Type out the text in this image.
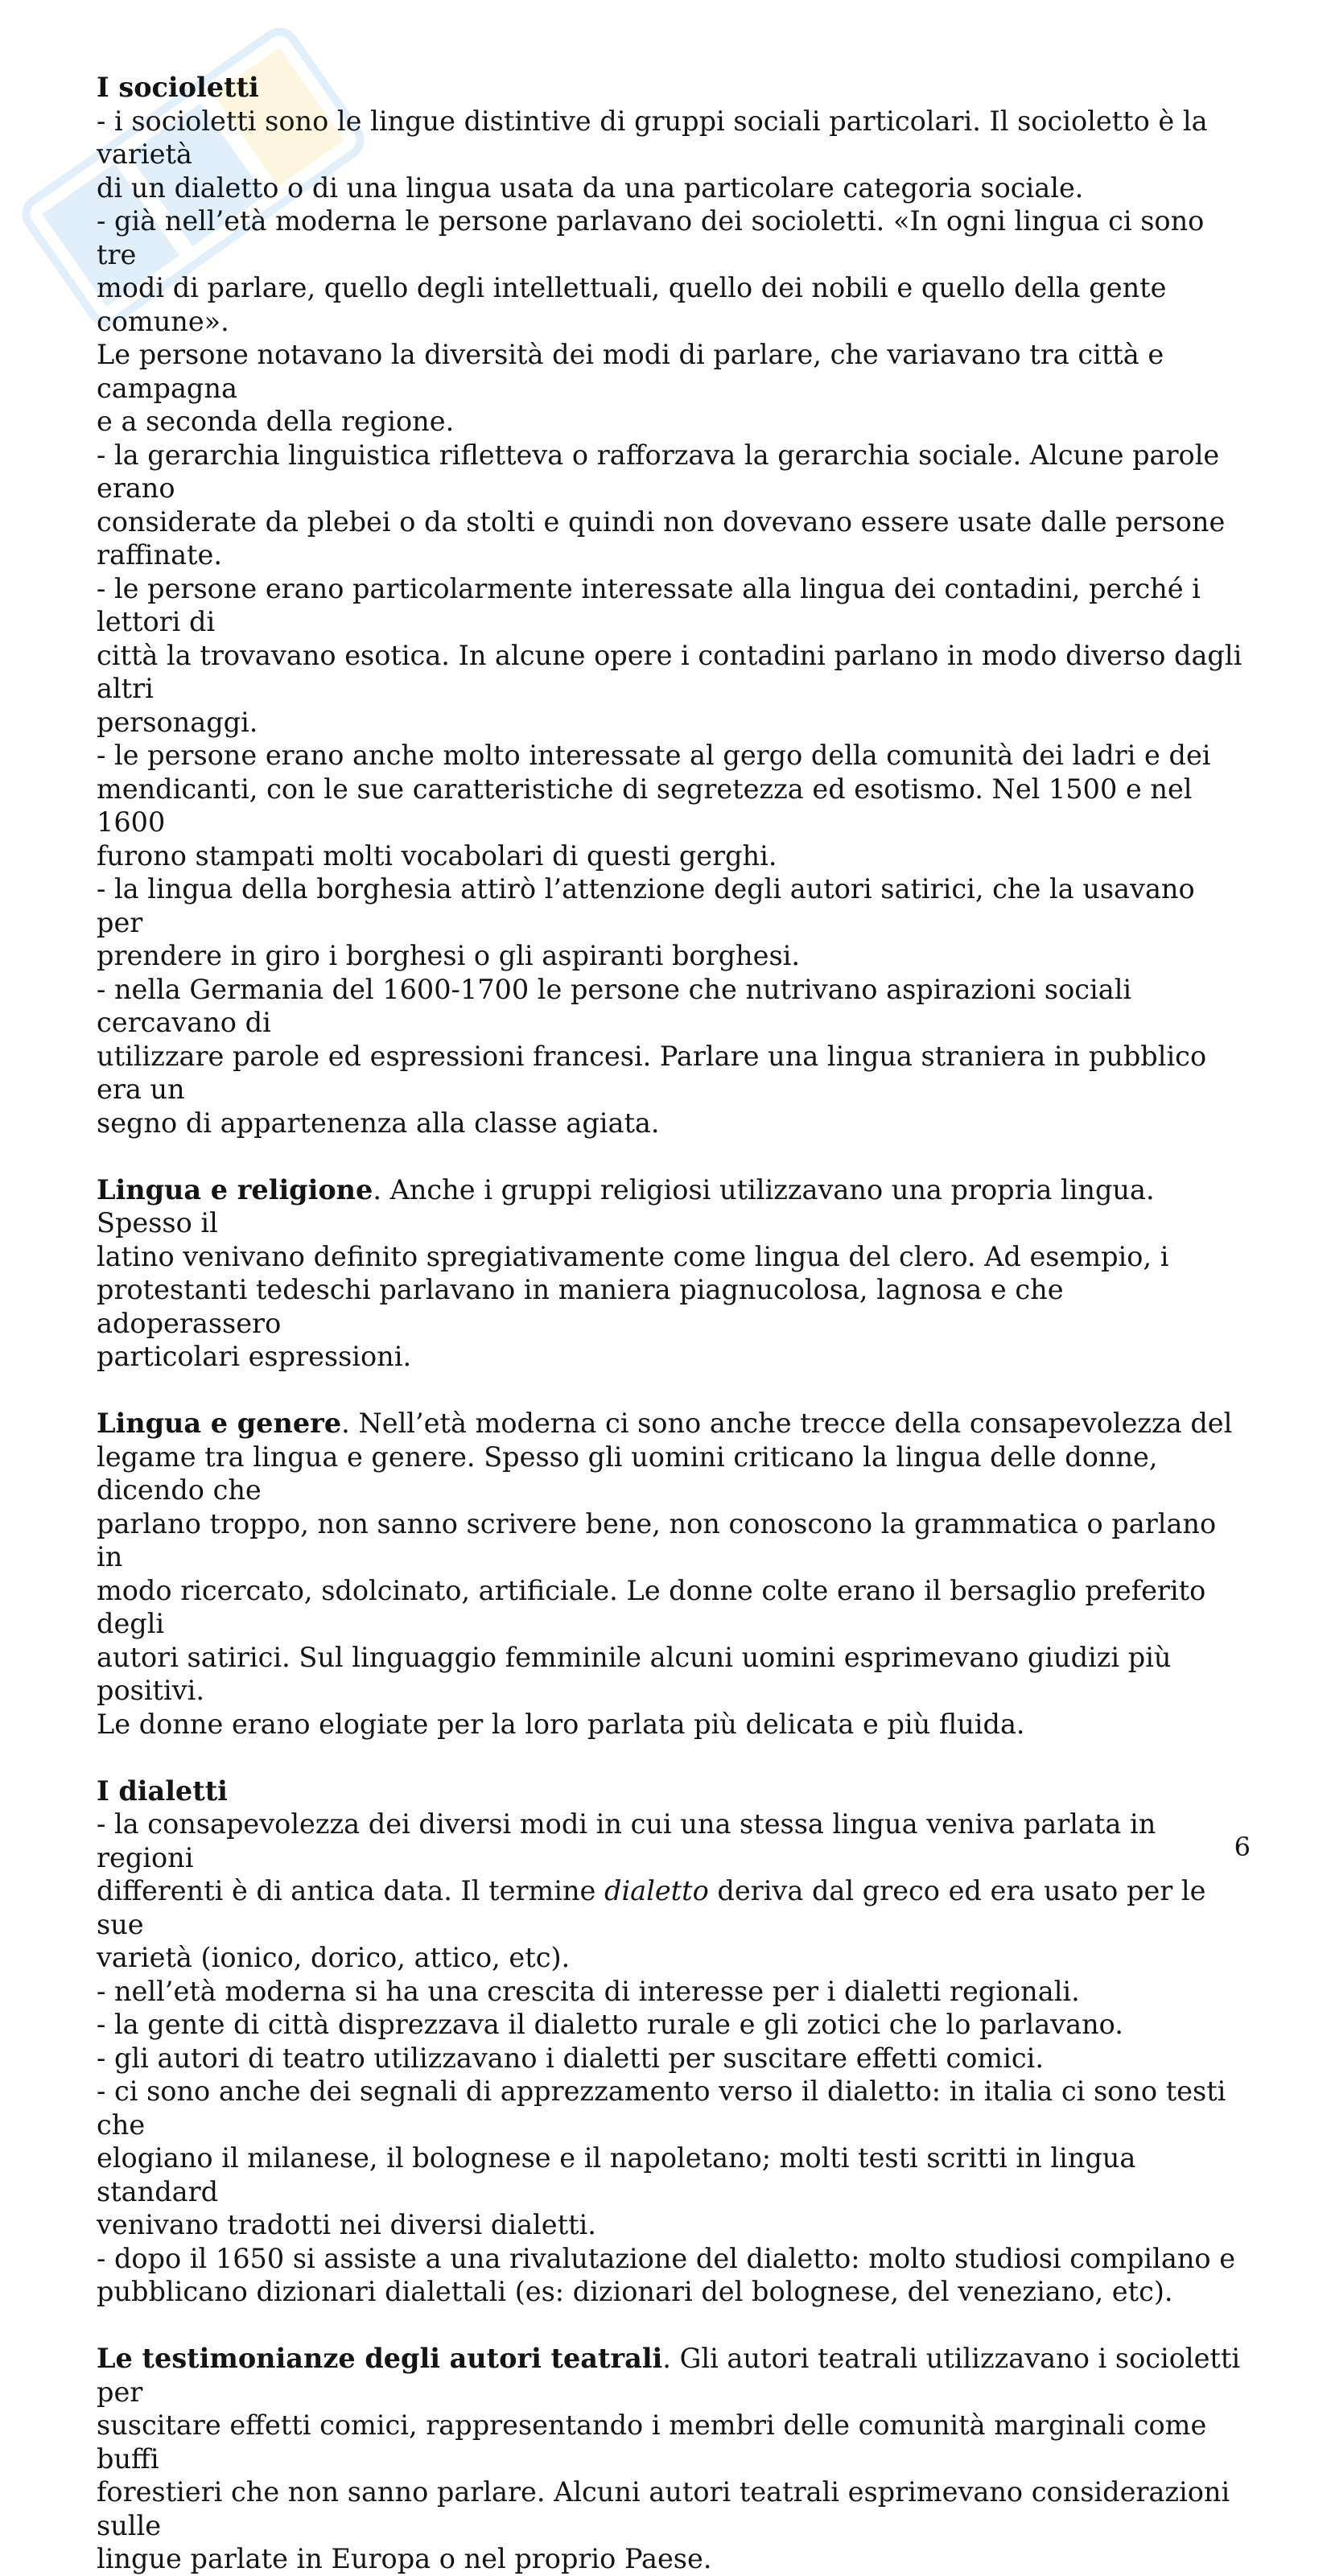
I socioletti

- i socioletti sono le lingue distintive di gruppi sociali particolari. Il socioletto è la varietà

di un dialetto o di una lingua usata da una particolare categoria sociale.

- già nell’età moderna le persone parlavano dei socioletti. «In ogni lingua ci sono tre

modi di parlare, quello degli intellettuali, quello dei nobili e quello della gente comune».

Le persone notavano la diversità dei modi di parlare, che variavano tra città e campagna

e a seconda della regione.

- la gerarchia linguistica rifletteva o rafforzava la gerarchia sociale. Alcune parole erano

considerate da plebei o da stolti e quindi non dovevano essere usate dalle persone

raffinate.

- le persone erano particolarmente interessate alla lingua dei contadini, perché i lettori di

città la trovavano esotica. In alcune opere i contadini parlano in modo diverso dagli altri

personaggi.

- le persone erano anche molto interessate al gergo della comunità dei ladri e dei

mendicanti, con le sue caratteristiche di segretezza ed esotismo. Nel 1500 e nel 1600

furono stampati molti vocabolari di questi gerghi.

- la lingua della borghesia attirò l’attenzione degli autori satirici, che la usavano per

prendere in giro i borghesi o gli aspiranti borghesi.

- nella Germania del 1600-1700 le persone che nutrivano aspirazioni sociali cercavano di

utilizzare parole ed espressioni francesi. Parlare una lingua straniera in pubblico era un

segno di appartenenza alla classe agiata.

Lingua e religione. Anche i gruppi religiosi utilizzavano una propria lingua. Spesso il

latino venivano definito spregiativamente come lingua del clero. Ad esempio, i

protestanti tedeschi parlavano in maniera piagnucolosa, lagnosa e che adoperassero

particolari espressioni.

Lingua e genere. Nell’età moderna ci sono anche trecce della consapevolezza del

legame tra lingua e genere. Spesso gli uomini criticano la lingua delle donne, dicendo che

parlano troppo, non sanno scrivere bene, non conoscono la grammatica o parlano in

modo ricercato, sdolcinato, artificiale. Le donne colte erano il bersaglio preferito degli

autori satirici. Sul linguaggio femminile alcuni uomini esprimevano giudizi più positivi.

Le donne erano elogiate per la loro parlata più delicata e più fluida.

I dialetti

- la consapevolezza dei diversi modi in cui una stessa lingua veniva parlata in regioni

differenti è di antica data. Il termine dialetto deriva dal greco ed era usato per le sue

varietà (ionico, dorico, attico, etc).

- nell’età moderna si ha una crescita di interesse per i dialetti regionali.

- la gente di città disprezzava il dialetto rurale e gli zotici che lo parlavano.

- gli autori di teatro utilizzavano i dialetti per suscitare effetti comici.

- ci sono anche dei segnali di apprezzamento verso il dialetto: in italia ci sono testi che

elogiano il milanese, il bolognese e il napoletano; molti testi scritti in lingua standard

venivano tradotti nei diversi dialetti.

- dopo il 1650 si assiste a una rivalutazione del dialetto: molto studiosi compilano e

pubblicano dizionari dialettali (es: dizionari del bolognese, del veneziano, etc).

Le testimonianze degli autori teatrali. Gli autori teatrali utilizzavano i socioletti per

suscitare effetti comici, rappresentando i membri delle comunità marginali come buffi

forestieri che non sanno parlare. Alcuni autori teatrali esprimevano considerazioni sulle

lingue parlate in Europa o nel proprio Paese.

6
